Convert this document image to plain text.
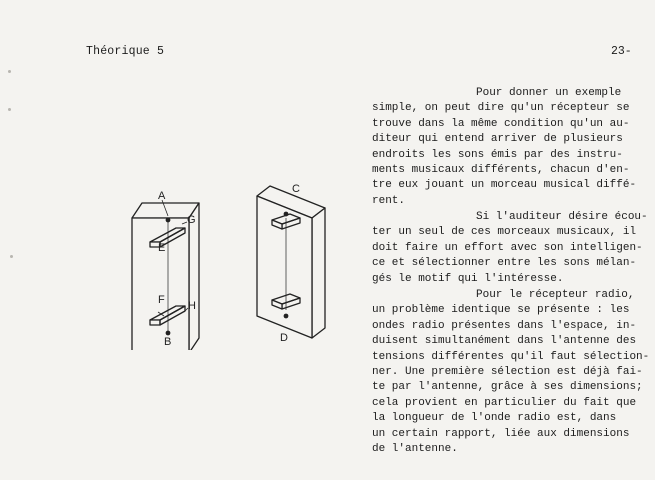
Théorique 5	23-
A
G
E
F H
B
C
D
Pour donner un exemple
simple, on peut dire qu'un récepteur se
trouve dans la même condition qu'un au-
diteur qui entend arriver de plusieurs
endroits les sons émis par des instru-
ments musicaux différents, chacun d'en-
tre eux jouant un morceau musical diffé-
rent.
Si l'auditeur désire écou-
ter un seul de ces morceaux musicaux, il
doit faire un effort avec son intelligen-
ce et sélectionner entre les sons mélan-
gés le motif qui l'intéresse.
Pour le récepteur radio,
un problème identique se présente : les
ondes radio présentes dans l'espace, in-
duisent simultanément dans l'antenne des
tensions différentes qu'il faut sélection-
ner. Une première sélection est déjà fai-
te par l'antenne, grâce à ses dimensions;
cela provient en particulier du fait que
la longueur de l'onde radio est, dans
un certain rapport, liée aux dimensions
de l'antenne.
